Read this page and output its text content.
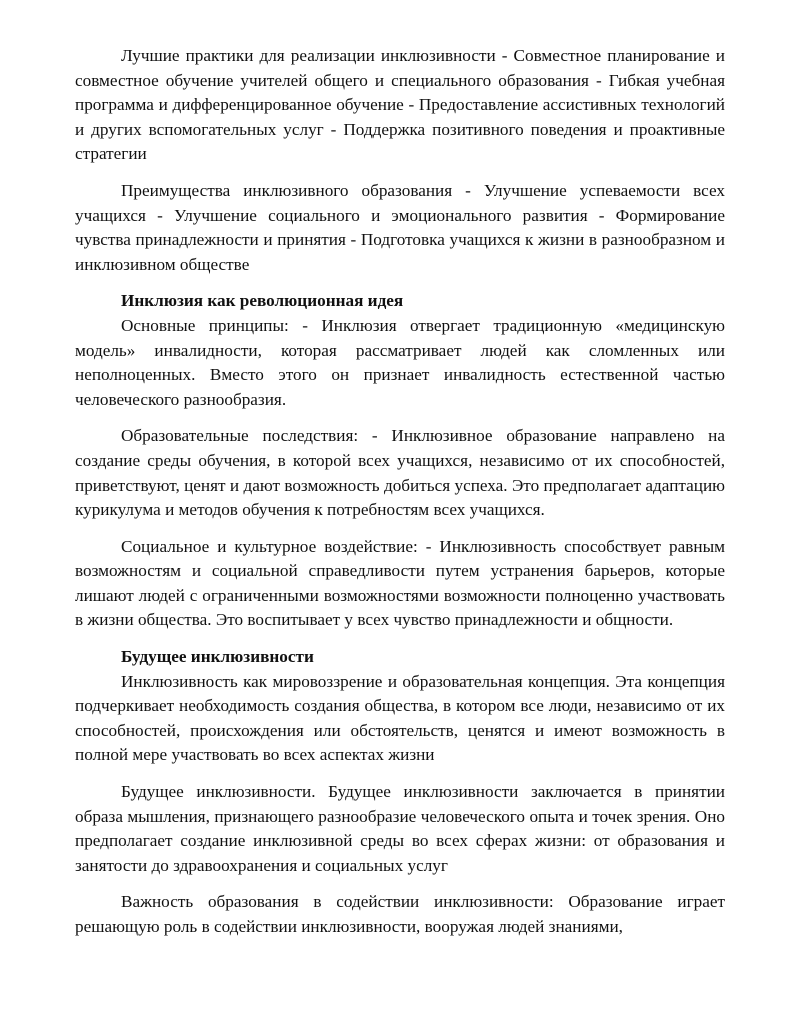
Лучшие практики для реализации инклюзивности - Совместное планирование и совместное обучение учителей общего и специального образования - Гибкая учебная программа и дифференцированное обучение - Предоставление ассистивных технологий и других вспомогательных услуг - Поддержка позитивного поведения и проактивные стратегии

Преимущества инклюзивного образования - Улучшение успеваемости всех учащихся - Улучшение социального и эмоционального развития - Формирование чувства принадлежности и принятия - Подготовка учащихся к жизни в разнообразном и инклюзивном обществе

Инклюзия как революционная идея

Основные принципы: - Инклюзия отвергает традиционную «медицинскую модель» инвалидности, которая рассматривает людей как сломленных или неполноценных. Вместо этого он признает инвалидность естественной частью человеческого разнообразия.

Образовательные последствия: - Инклюзивное образование направлено на создание среды обучения, в которой всех учащихся, независимо от их способностей, приветствуют, ценят и дают возможность добиться успеха. Это предполагает адаптацию курикулума и методов обучения к потребностям всех учащихся.

Социальное и культурное воздействие: - Инклюзивность способствует равным возможностям и социальной справедливости путем устранения барьеров, которые лишают людей с ограниченными возможностями возможности полноценно участвовать в жизни общества. Это воспитывает у всех чувство принадлежности и общности.

Будущее инклюзивности

Инклюзивность как мировоззрение и образовательная концепция. Эта концепция подчеркивает необходимость создания общества, в котором все люди, независимо от их способностей, происхождения или обстоятельств, ценятся и имеют возможность в полной мере участвовать во всех аспектах жизни

Будущее инклюзивности. Будущее инклюзивности заключается в принятии образа мышления, признающего разнообразие человеческого опыта и точек зрения. Оно предполагает создание инклюзивной среды во всех сферах жизни: от образования и занятости до здравоохранения и социальных услуг

Важность образования в содействии инклюзивности: Образование играет решающую роль в содействии инклюзивности, вооружая людей знаниями,
